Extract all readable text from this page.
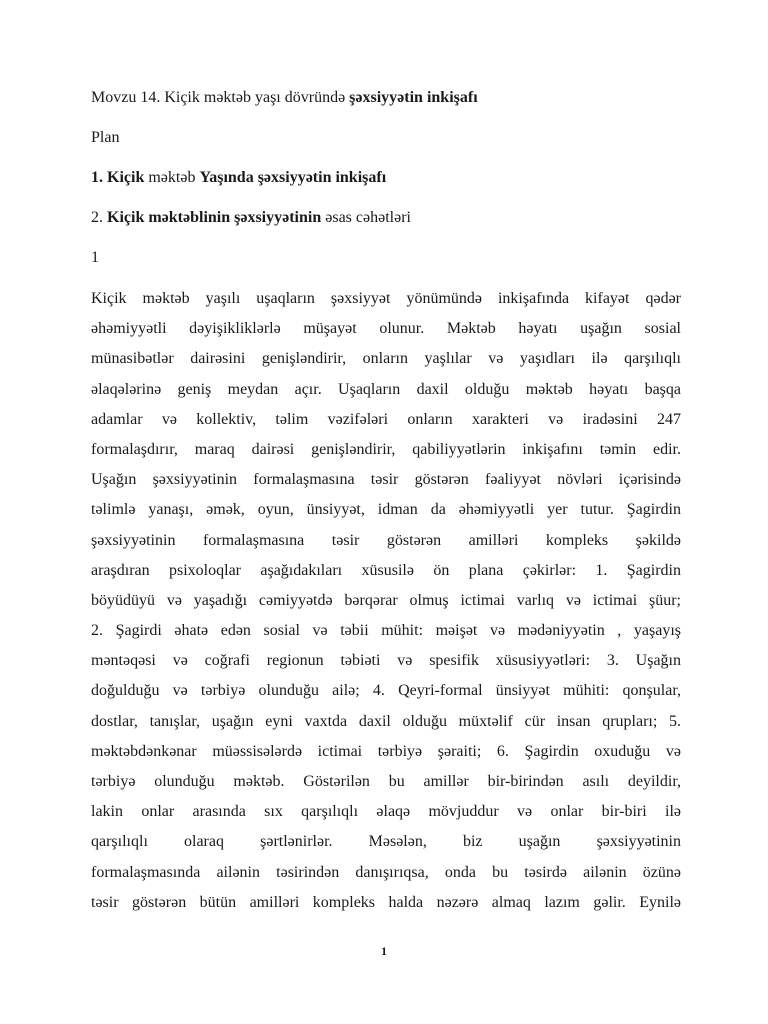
Movzu 14. Kiçik məktəb yaşı dövründə şəxsiyyətin inkişafı

Plan

1. Kiçik məktəb Yaşında şəxsiyyətin inkişafı

2. Kiçik məktəblinin şəxsiyyətinin əsas cəhətləri

1

Kiçik məktəb yaşılı uşaqların şəxsiyyət yönümündə inkişafında kifayət qədər
əhəmiyyətli dəyişikliklərlə müşayət olunur. Məktəb həyatı uşağın sosial
münasibətlər dairəsini genişləndirir, onların yaşlılar və yaşıdları ilə qarşılıqlı
əlaqələrinə geniş meydan açır. Uşaqların daxil olduğu məktəb həyatı başqa
adamlar və kollektiv, təlim vəzifələri onların xarakteri və iradəsini 247
formalaşdırır, maraq dairəsi genişləndirir, qabiliyyətlərin inkişafını təmin edir.
Uşağın şəxsiyyətinin formalaşmasına təsir göstərən fəaliyyət növləri içərisində
təlimlə yanaşı, əmək, oyun, ünsiyyət, idman da əhəmiyyətli yer tutur. Şagirdin
şəxsiyyətinin formalaşmasına təsir göstərən amilləri kompleks şəkildə
araşdıran psixoloqlar aşağıdakıları xüsusilə ön plana çəkirlər: 1. Şagirdin
böyüdüyü və yaşadığı cəmiyyətdə bərqərar olmuş ictimai varlıq və ictimai şüur;
2. Şagirdi əhatə edən sosial və təbii mühit: məişət və mədəniyyətin , yaşayış
məntəqəsi və coğrafi regionun təbiəti və spesifik xüsusiyyətləri: 3. Uşağın
doğulduğu və tərbiyə olunduğu ailə; 4. Qeyri-formal ünsiyyət mühiti: qonşular,
dostlar, tanışlar, uşağın eyni vaxtda daxil olduğu müxtəlif cür insan qrupları; 5.
məktəbdənkənar müəssisələrdə ictimai tərbiyə şəraiti; 6. Şagirdin oxuduğu və
tərbiyə olunduğu məktəb. Göstərilən bu amillər bir-birindən asılı deyildir,
lakin onlar arasında sıx qarşılıqlı əlaqə mövjuddur və onlar bir-biri ilə
qarşılıqlı olaraq şərtlənirlər. Məsələn, biz uşağın şəxsiyyətinin
formalaşmasında ailənin təsirindən danışırıqsa, onda bu təsirdə ailənin özünə
təsir göstərən bütün amilləri kompleks halda nəzərə almaq lazım gəlir. Eynilə
1
